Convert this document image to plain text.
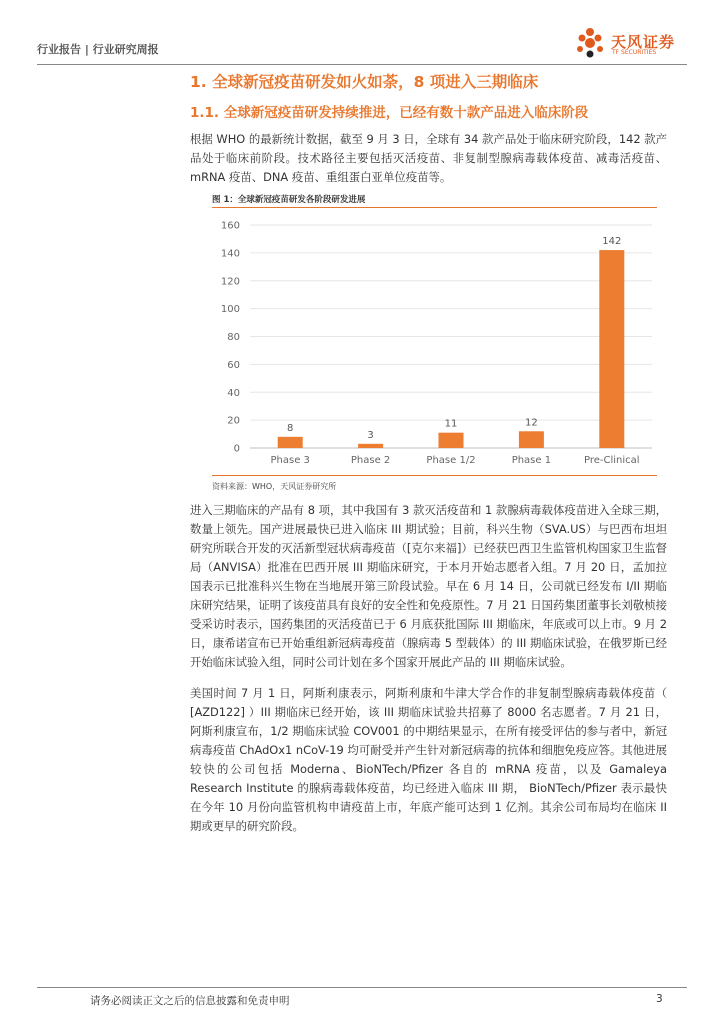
行业报告 | 行业研究周报	天风证券
TF SECURITIES
1. 全球新冠疫苗研发如火如荼，8 项进入三期临床
1.1. 全球新冠疫苗研发持续推进，已经有数十款产品进入临床阶段
根据 WHO 的最新统计数据，截至 9 月 3 日，全球有 34 款产品处于临床研究阶段，142 款产品处于临床前阶段。技术路径主要包括灭活疫苗、非复制型腺病毒载体疫苗、减毒活疫苗、mRNA 疫苗、DNA 疫苗、重组蛋白亚单位疫苗等。
图 1：全球新冠疫苗研发各阶段研发进展
0
20
40
60
80
100
120
140
160
8
Phase 3
3
Phase 2
11
Phase 1/2
12
Phase 1
142
Pre-Clinical
资料来源：WHO，天风证券研究所
进入三期临床的产品有 8 项，其中我国有 3 款灭活疫苗和 1 款腺病毒载体疫苗进入全球三期，数量上领先。国产进展最快已进入临床 III 期试验；目前，科兴生物（SVA.US）与巴西布坦坦研究所联合开发的灭活新型冠状病毒疫苗（[克尔来福]）已经获巴西卫生监管机构国家卫生监督局（ANVISA）批准在巴西开展 III 期临床研究，于本月开始志愿者入组。7 月 20 日，孟加拉国表示已批准科兴生物在当地展开第三阶段试验。早在 6 月 14 日，公司就已经发布 I/II 期临床研究结果，证明了该疫苗具有良好的安全性和免疫原性。7 月 21 日国药集团董事长刘敬桢接受采访时表示，国药集团的灭活疫苗已于 6 月底获批国际 III 期临床，年底或可以上市。9 月 2 日，康希诺宣布已开始重组新冠病毒疫苗（腺病毒 5 型载体）的 III 期临床试验，在俄罗斯已经开始临床试验入组，同时公司计划在多个国家开展此产品的 III 期临床试验。
美国时间 7 月 1 日，阿斯利康表示，阿斯利康和牛津大学合作的非复制型腺病毒载体疫苗（ [AZD122] ）III 期临床已经开始，该 III 期临床试验共招募了 8000 名志愿者。7 月 21 日，阿斯利康宣布，1/2 期临床试验 COV001 的中期结果显示，在所有接受评估的参与者中，新冠病毒疫苗 ChAdOx1 nCoV-19 均可耐受并产生针对新冠病毒的抗体和细胞免疫应答。其他进展较快的公司包括 Moderna、BioNTech/Pfizer 各自的 mRNA 疫苗，以及 Gamaleya Research Institute 的腺病毒载体疫苗，均已经进入临床 III 期， BioNTech/Pfizer 表示最快在今年 10 月份向监管机构申请疫苗上市，年底产能可达到 1 亿剂。其余公司布局均在临床 II 期或更早的研究阶段。
请务必阅读正文之后的信息披露和免责申明	3
